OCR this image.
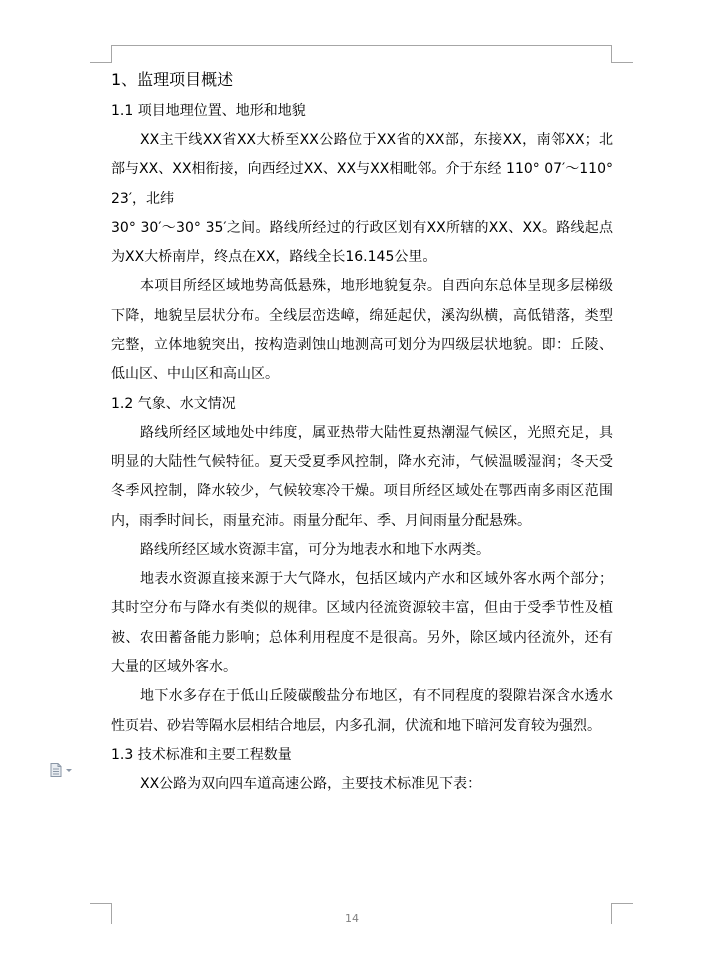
1、监理项目概述
1.1 项目地理位置、地形和地貌

XX主干线XX省XX大桥至XX公路位于XX省的XX部，东接XX，南邻XX；北部与XX、XX相衔接，向西经过XX、XX与XX相毗邻。介于东经 110° 07′～110° 23′，北纬

30° 30′～30° 35′之间。路线所经过的行政区划有XX所辖的XX、XX。路线起点为XX大桥南岸，终点在XX，路线全长16.145公里。

本项目所经区域地势高低悬殊，地形地貌复杂。自西向东总体呈现多层梯级下降，地貌呈层状分布。全线层峦迭嶂，绵延起伏，溪沟纵横，高低错落，类型完整，立体地貌突出，按构造剥蚀山地测高可划分为四级层状地貌。即：丘陵、低山区、中山区和高山区。

1.2 气象、水文情况

路线所经区域地处中纬度，属亚热带大陆性夏热潮湿气候区，光照充足，具明显的大陆性气候特征。夏天受夏季风控制，降水充沛，气候温暖湿润；冬天受冬季风控制，降水较少，气候较寒冷干燥。项目所经区域处在鄂西南多雨区范围内，雨季时间长，雨量充沛。雨量分配年、季、月间雨量分配悬殊。

路线所经区域水资源丰富，可分为地表水和地下水两类。

地表水资源直接来源于大气降水，包括区域内产水和区域外客水两个部分；其时空分布与降水有类似的规律。区域内径流资源较丰富，但由于受季节性及植被、农田蓄备能力影响；总体利用程度不是很高。另外，除区域内径流外，还有大量的区域外客水。

地下水多存在于低山丘陵碳酸盐分布地区，有不同程度的裂隙岩深含水透水性页岩、砂岩等隔水层相结合地层，内多孔洞，伏流和地下暗河发育较为强烈。

1.3 技术标准和主要工程数量

XX公路为双向四车道高速公路，主要技术标准见下表：

14
